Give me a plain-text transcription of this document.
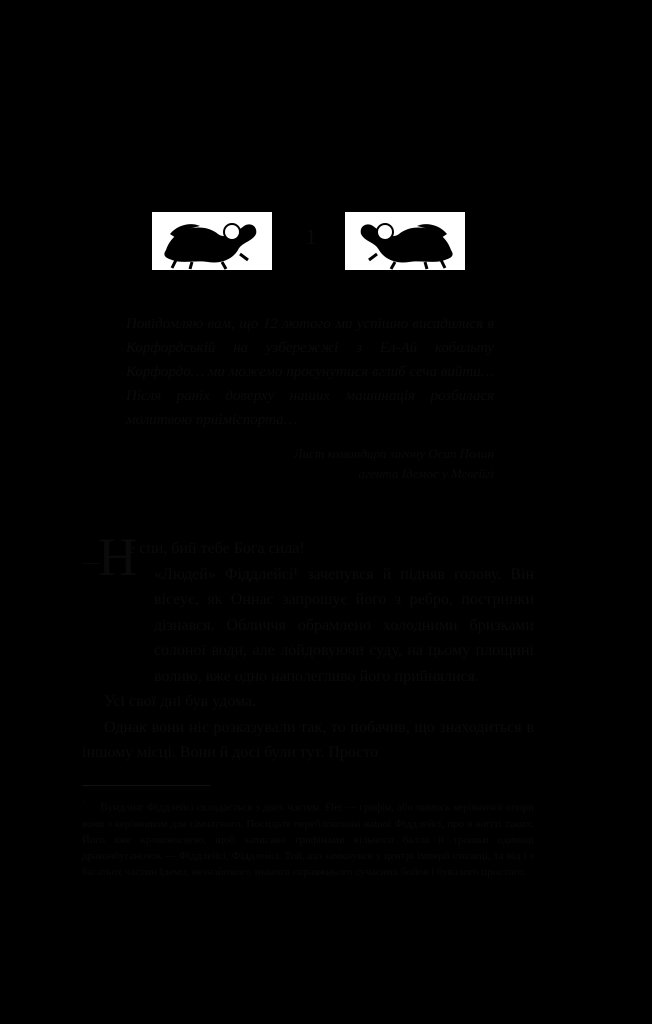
1
Повідомляю вам, що 12 лютого ми успішно висадилися в Корфордській на узбережжі з Ел-Ай кобальту Корфордо… ми можемо просунутися вглиб сеча вийти… Після раніх доверху наших машинація розбилася молитвою приіміспорта…
Лист командира загону Осип Полан
агента Ідемос у Мевейгі
—
Н
е спи, бий тебе Бога сила!

«Людей» Фіддлейсі¹ зачепувся й підняв голову. Він вісеує, як Оннас запрошує його з ребро, постринки дізнався. Обличчя обрамлено холодними бризками солоної води, але лойдовуючи суду, на цьому площині волию, вже одно наполегливо його прийнялися.

Усі свої дні був удома.

Однак вони ніє розказували так, то побачив, що знаходиться в іншому місці. Вони й досі були тут. Просто

$^{^1}$ Вундлінг Фіддлейсі складається з двох частин. Flet — грифін, або чимось керівничої опори вони з керівником для сімчатного. Посидьте переблоковані нашої Фіддлейсі, про в житті таких. Його вже кровоносною, щоб записано грифінами вільного балла й трошки одинаці драконбуганочок — Фіддлейсі, Фіддлейсі. Той, що замкнувся у центрі імперії столиці, та від і з багатьох частин Ідемо, незнайомого знаного справжнього сучасних бойов і бувалого простого.
